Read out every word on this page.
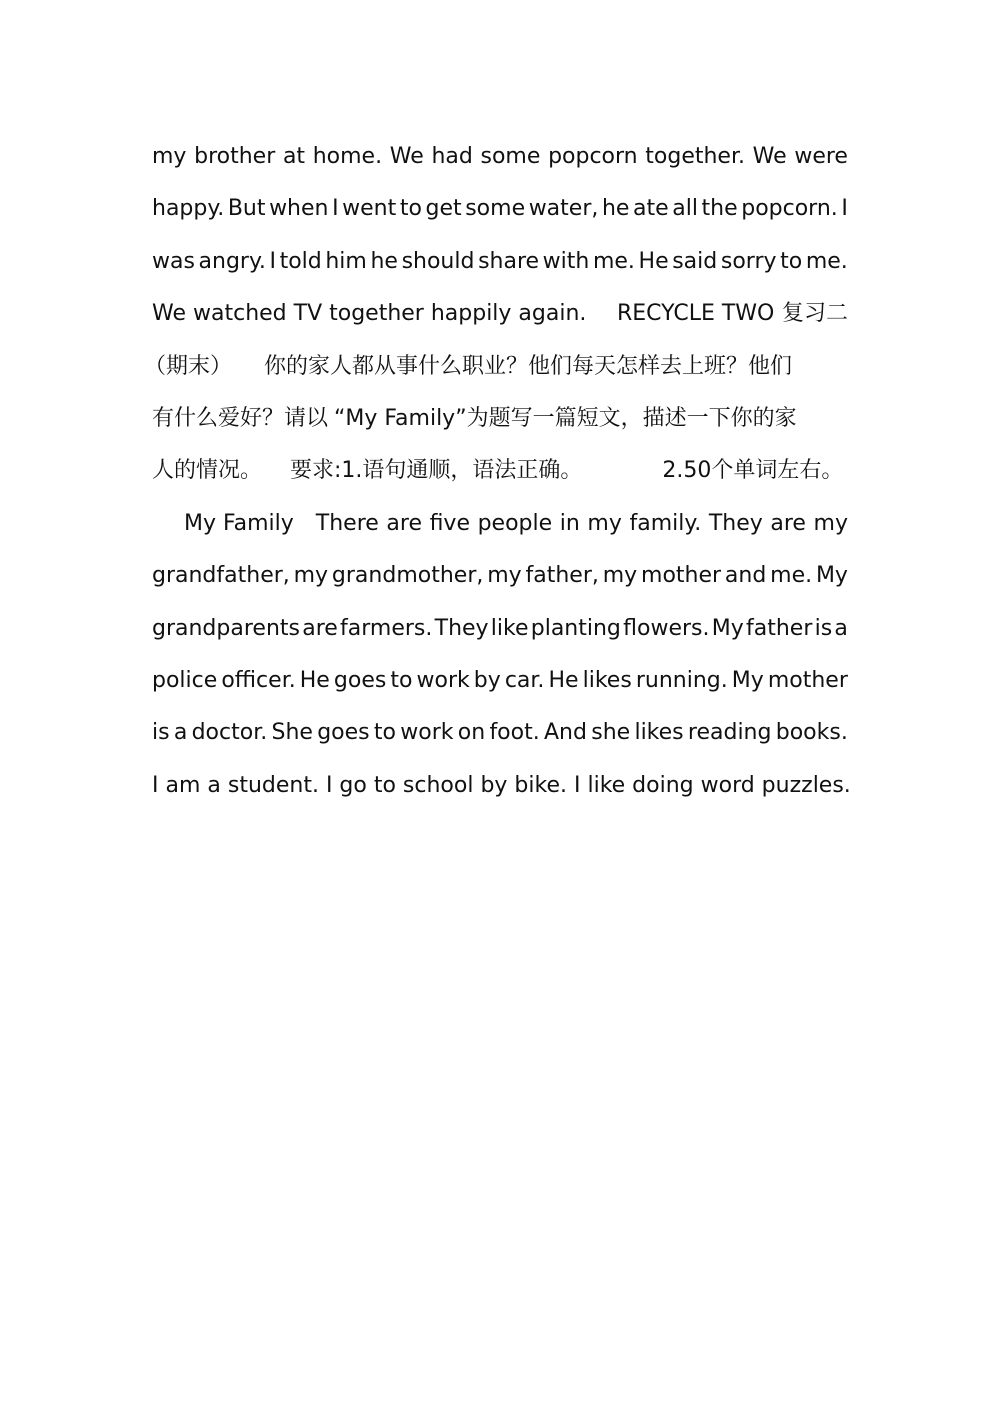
my brother at home. We had some popcorn together. We were
happy. But when I went to get some water, he ate all the popcorn. I
was angry. I told him he should share with me. He said sorry to me.
We watched TV together happily again. RECYCLE TWO 复习二
（期末） 你的家人都从事什么职业？他们每天怎样去上班？他们
有什么爱好？请以 “My Family” 为题写一篇短文，描述一下你的家
人的情况。 要求:1.语句通顺，语法正确。	2.50个单词左右。
My Family There are five people in my family. They are my
grandfather, my grandmother, my father, my mother and me. My
grandparents are farmers. They like planting flowers. My father is a
police officer. He goes to work by car. He likes running. My mother
is a doctor. She goes to work on foot. And she likes reading books.
I am a student. I go to school by bike. I like doing word puzzles.
